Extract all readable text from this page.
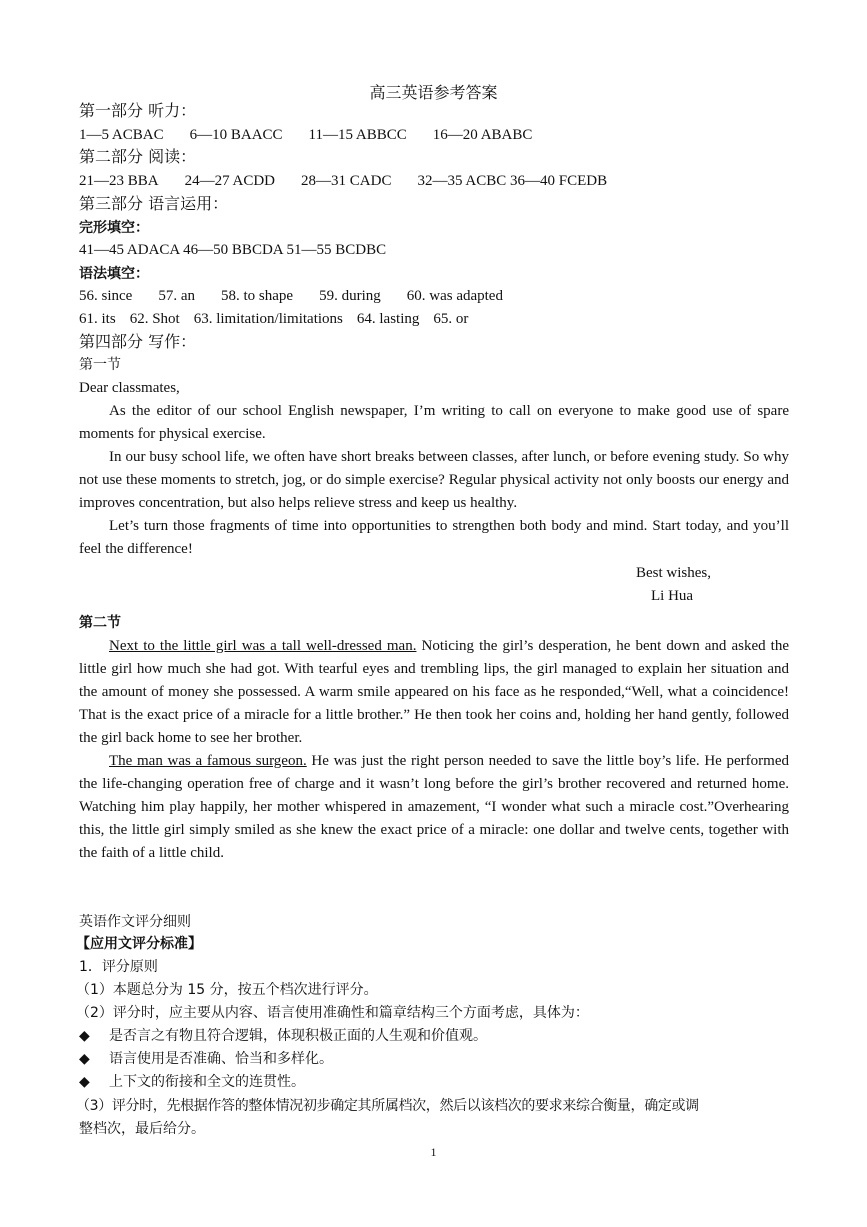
高三英语参考答案
第一部分 听力：
1—5 ACBAC 6—10 BAACC 11—15 ABBCC 16—20 ABABC
第二部分 阅读：
21—23 BBA 24—27 ACDD 28—31 CADC 32—35 ACBC 36—40 FCEDB
第三部分 语言运用：
完形填空：
41—45 ADACA 46—50 BBCDA 51—55 BCDBC
语法填空：
56. since 57. an 58. to shape 59. during 60. was adapted
61. its 62. Shot 63. limitation/limitations 64. lasting 65. or
第四部分 写作：
第一节
Dear classmates,

As the editor of our school English newspaper, I’m writing to call on everyone to make good use of spare moments for physical exercise.

In our busy school life, we often have short breaks between classes, after lunch, or before evening study. So why not use these moments to stretch, jog, or do simple exercise? Regular physical activity not only boosts our energy and improves concentration, but also helps relieve stress and keep us healthy.

Let’s turn those fragments of time into opportunities to strengthen both body and mind. Start today, and you’ll feel the difference!

Best wishes,
Li Hua
第二节

Next to the little girl was a tall well-dressed man. Noticing the girl’s desperation, he bent down and asked the little girl how much she had got. With tearful eyes and trembling lips, the girl managed to explain her situation and the amount of money she possessed. A warm smile appeared on his face as he responded,“Well, what a coincidence! That is the exact price of a miracle for a little brother.” He then took her coins and, holding her hand gently, followed the girl back home to see her brother.

The man was a famous surgeon. He was just the right person needed to save the little boy’s life. He performed the life-changing operation free of charge and it wasn’t long before the girl’s brother recovered and returned home. Watching him play happily, her mother whispered in amazement, “I wonder what such a miracle cost.”Overhearing this, the little girl simply smiled as she knew the exact price of a miracle: one dollar and twelve cents, together with the faith of a little child.

英语作文评分细则
【应用文评分标准】
1．评分原则
（1）本题总分为 15 分，按五个档次进行评分。
（2）评分时，应主要从内容、语言使用准确性和篇章结构三个方面考虑，具体为：
◆ 是否言之有物且符合逻辑，体现积极正面的人生观和价值观。
◆ 语言使用是否准确、恰当和多样化。
◆ 上下文的衔接和全文的连贯性。
（3）评分时，先根据作答的整体情况初步确定其所属档次，然后以该档次的要求来综合衡量，确定或调
整档次，最后给分。
1
